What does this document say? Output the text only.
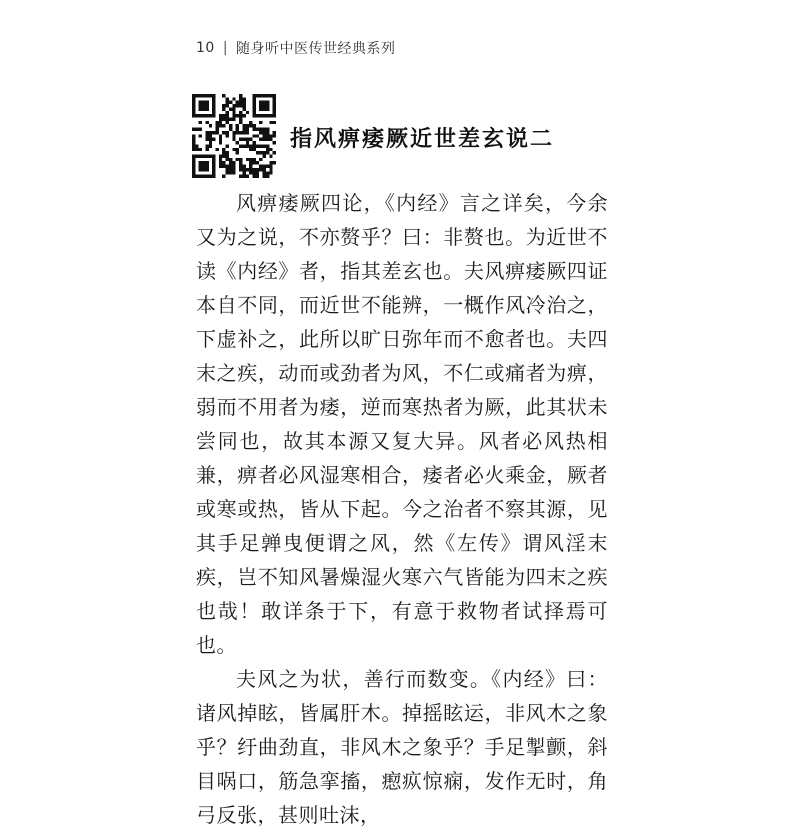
10 | 随身听中医传世经典系列
指风痹痿厥近世差玄说二

风痹痿厥四论，《内经》言之详矣，今余又为之说，不亦赘乎？曰：非赘也。为近世不读《内经》者，指其差玄也。夫风痹痿厥四证本自不同，而近世不能辨，一概作风冷治之，下虚补之，此所以旷日弥年而不愈者也。夫四末之疾，动而或劲者为风，不仁或痛者为痹，弱而不用者为痿，逆而寒热者为厥，此其状未尝同也，故其本源又复大异。风者必风热相兼，痹者必风湿寒相合，痿者必火乘金，厥者或寒或热，皆从下起。今之治者不察其源，见其手足亸曳便谓之风，然《左传》谓风淫末疾，岂不知风暑燥湿火寒六气皆能为四末之疾也哉！敢详条于下，有意于救物者试择焉可也。

夫风之为状，善行而数变。《内经》曰：诸风掉眩，皆属肝木。掉摇眩运，非风木之象乎？纡曲劲直，非风木之象乎？手足掣颤，斜目㖞口，筋急挛搐，瘛疭惊痫，发作无时，角弓反张，甚则吐沫，
